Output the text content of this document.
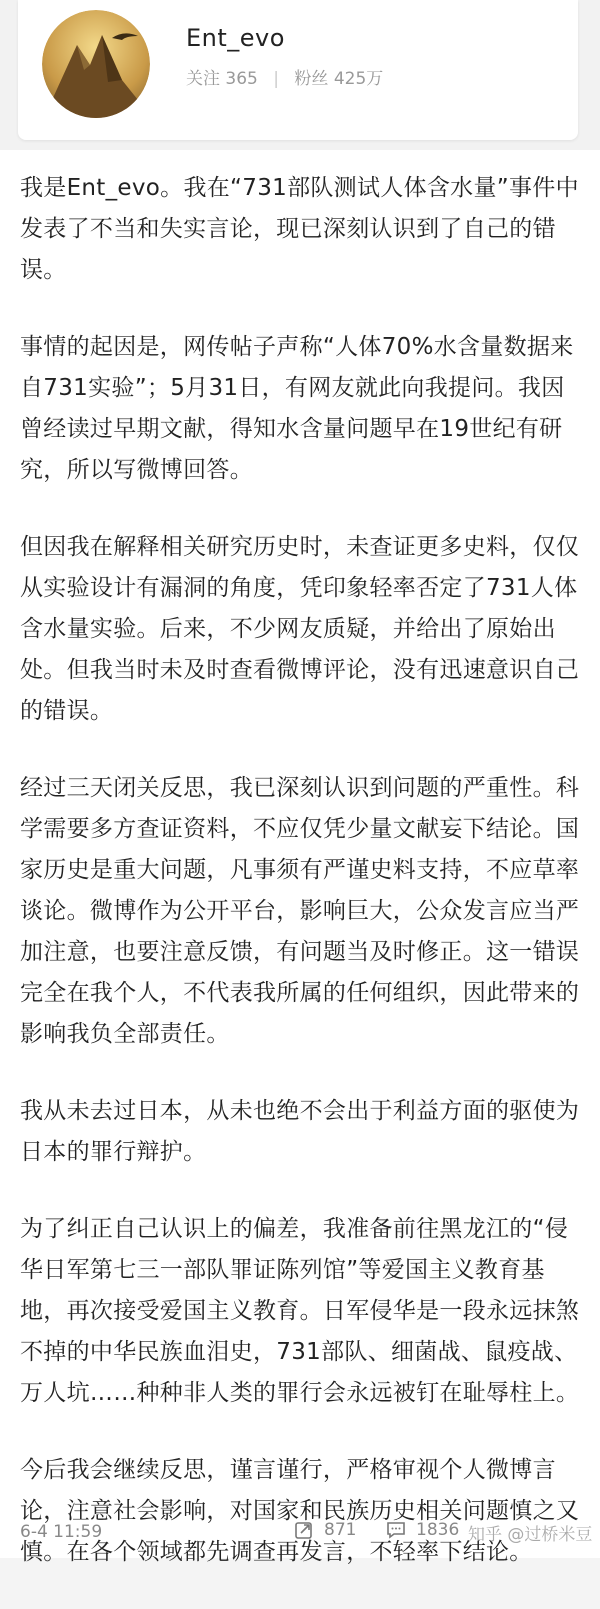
Ent_evo
关注 365 | 粉丝 425万

我是Ent_evo。我在“731部队测试人体含水量”事件中发表了不当和失实言论，现已深刻认识到了自己的错误。

事情的起因是，网传帖子声称“人体70%水含量数据来自731实验”；5月31日，有网友就此向我提问。我因曾经读过早期文献，得知水含量问题早在19世纪有研究，所以写微博回答。

但因我在解释相关研究历史时，未查证更多史料，仅仅从实验设计有漏洞的角度，凭印象轻率否定了731人体含水量实验。后来，不少网友质疑，并给出了原始出处。但我当时未及时查看微博评论，没有迅速意识自己的错误。

经过三天闭关反思，我已深刻认识到问题的严重性。科学需要多方查证资料，不应仅凭少量文献妄下结论。国家历史是重大问题，凡事须有严谨史料支持，不应草率谈论。微博作为公开平台，影响巨大，公众发言应当严加注意，也要注意反馈，有问题当及时修正。这一错误完全在我个人，不代表我所属的任何组织，因此带来的影响我负全部责任。

我从未去过日本，从未也绝不会出于利益方面的驱使为日本的罪行辩护。

为了纠正自己认识上的偏差，我准备前往黑龙江的“侵华日军第七三一部队罪证陈列馆”等爱国主义教育基地，再次接受爱国主义教育。日军侵华是一段永远抹煞不掉的中华民族血泪史，731部队、细菌战、鼠疫战、万人坑……种种非人类的罪行会永远被钉在耻辱柱上。

今后我会继续反思，谨言谨行，严格审视个人微博言论，注意社会影响，对国家和民族历史相关问题慎之又慎。在各个领域都先调查再发言，不轻率下结论。

6-4 11:59	871	1836 知乎 @过桥米豆
